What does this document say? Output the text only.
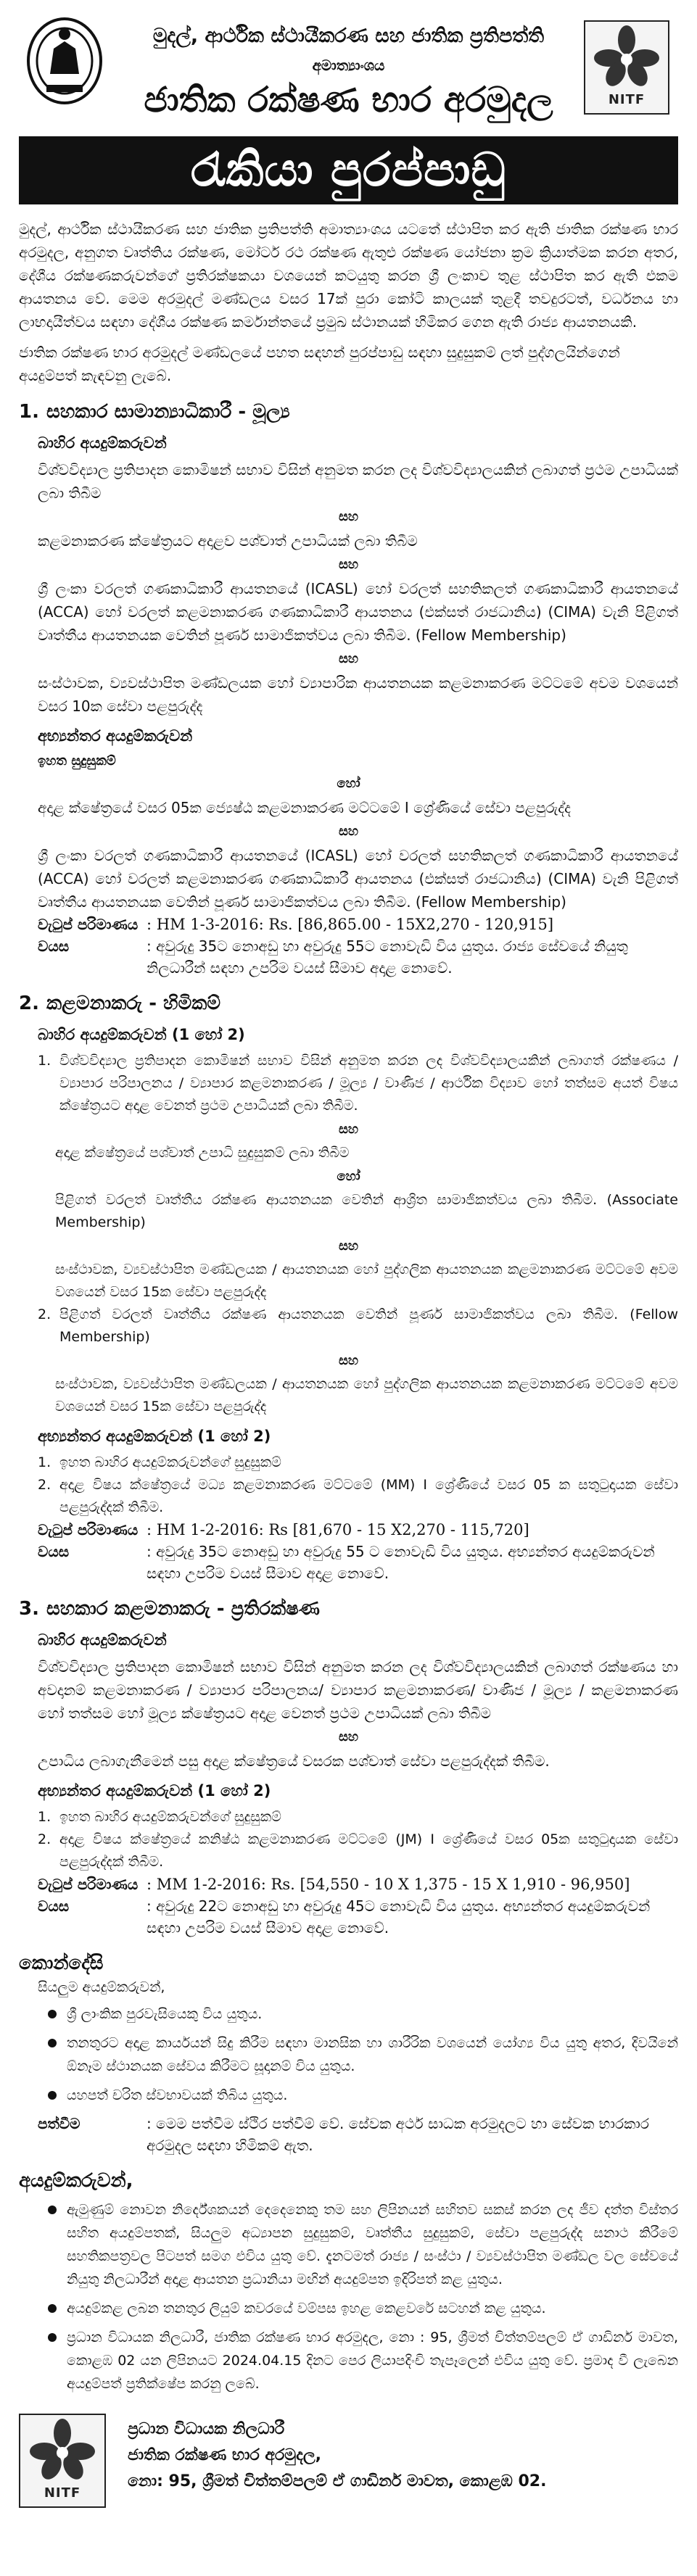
මුදල්, ආර්ථික ස්ථායීකරණ සහ ජාතික ප්‍රතිපත්ති
අමාත්‍යාංශය
ජාතික රක්ෂණ භාර අරමුදල	NITF
රැකියා පුරප්පාඩු
මුදල්, ආර්ථික ස්ථායීකරණ සහ ජාතික ප්‍රතිපත්ති අමාත්‍යාංශය යටතේ ස්ථාපිත කර ඇති ජාතික රක්ෂණ භාර අරමුදල, අනුගත වෘත්තිය රක්ෂණ, මෝටර් රථ රක්ෂණ ඇතුළු රක්ෂණ යෝජනා ක්‍රම ක්‍රියාත්මක කරන අතර, දේශීය රක්ෂණකරුවන්ගේ ප්‍රතිරක්ෂකයා වශයෙන් කටයුතු කරන ශ්‍රී ලංකාව තුළ ස්ථාපිත කර ඇති එකම ආයතනය වේ. මෙම අරමුදල් මණ්ඩලය වසර 17ක් පුරා කෝටි කාලයක් තුළදී තවදුරටත්, වර්ධනය හා ලාභදායීත්වය සඳහා දේශීය රක්ෂණ කර්මාන්තයේ ප්‍රමුඛ ස්ථානයක් හිමිකර ගෙන ඇති රාජ්‍ය ආයතනයකි.
ජාතික රක්ෂණ භාර අරමුදල් මණ්ඩලයේ පහත සඳහන් පුරප්පාඩු සඳහා සුදුසුකම් ලත් පුද්ගලයින්ගෙන් අයදුම්පත් කැඳවනු ලැබේ.
1. සහකාර සාමාන්‍යාධිකාරී - මූල්‍ය
බාහිර අයදුම්කරුවන්
විශ්වවිද්‍යාල ප්‍රතිපාදන කොමිෂන් සභාව විසින් අනුමත කරන ලද විශ්වවිද්‍යාලයකින් ලබාගත් ප්‍රථම උපාධියක් ලබා තිබීම
සහ
කළමනාකරණ ක්ෂේත්‍රයට අදාළව පශ්චාත් උපාධියක් ලබා තිබීම
සහ
ශ්‍රී ලංකා වරලත් ගණකාධිකාරී ආයතනයේ (ICASL) හෝ වරලත් සහතිකලත් ගණකාධිකාරී ආයතනයේ (ACCA) හෝ වරලත් කළමනාකරණ ගණකාධිකාරී ආයතනය (එක්සත් රාජධානිය) (CIMA) වැනි පිළිගත් වෘත්තීය ආයතනයක වෙතින් පූර්ණ සාමාජිකත්වය ලබා තිබීම. (Fellow Membership)
සහ
සංස්ථාවක, ව්‍යවස්ථාපිත මණ්ඩලයක හෝ ව්‍යාපාරික ආයතනයක කළමනාකරණ මට්ටමේ අවම වශයෙන් වසර 10ක සේවා පළපුරුද්ද
අභ්‍යන්තර අයදුම්කරුවන්
ඉහත සුදුසුකම්
හෝ
අදාළ ක්ෂේත්‍රයේ වසර 05ක ජ්‍යෙෂ්ඨ කළමනාකරණ මට්ටමේ I ශ්‍රේණියේ සේවා පළපුරුද්ද
සහ
ශ්‍රී ලංකා වරලත් ගණකාධිකාරී ආයතනයේ (ICASL) හෝ වරලත් සහතිකලත් ගණකාධිකාරී ආයතනයේ (ACCA) හෝ වරලත් කළමනාකරණ ගණකාධිකාරී ආයතනය (එක්සත් රාජධානිය) (CIMA) වැනි පිළිගත් වෘත්තීය ආයතනයක වෙතින් පූර්ණ සාමාජිකත්වය ලබා තිබීම. (Fellow Membership)
වැටුප් පරිමාණය : HM 1-3-2016: Rs. [86,865.00 - 15X2,270 - 120,915]
වයස	: අවුරුදු 35ට නොඅඩු හා අවුරුදු 55ට නොවැඩි විය යුතුය. රාජ්‍ය සේවයේ නියුතු නිලධාරීන් සඳහා උපරිම වයස් සීමාව අදාළ නොවේ.
2. කළමනාකරු - හිමිකම්
බාහිර අයදුම්කරුවන් (1 හෝ 2)
1. විශ්වවිද්‍යාල ප්‍රතිපාදන කොමිෂන් සභාව විසින් අනුමත කරන ලද විශ්වවිද්‍යාලයකින් ලබාගත් රක්ෂණය / ව්‍යාපාර පරිපාලනය / ව්‍යාපාර කළමනාකරණ / මූල්‍ය / වාණිජ / ආර්ථික විද්‍යාව හෝ තත්සම අයත් විෂය ක්ෂේත්‍රයට අදාළ වෙනත් ප්‍රථම උපාධියක් ලබා තිබීම.
සහ
අදාළ ක්ෂේත්‍රයේ පශ්චාත් උපාධි සුදුසුකම් ලබා තිබීම
හෝ
පිළිගත් වරලත් වෘත්තීය රක්ෂණ ආයතනයක වෙතින් ආශ්‍රිත සාමාජිකත්වය ලබා තිබීම. (Associate Membership)
සහ
සංස්ථාවක, ව්‍යවස්ථාපිත මණ්ඩලයක / ආයතනයක හෝ පුද්ගලික ආයතනයක කළමනාකරණ මට්ටමේ අවම වශයෙන් වසර 15ක සේවා පළපුරුද්ද
2. පිළිගත් වරලත් වෘත්තීය රක්ෂණ ආයතනයක වෙතින් පූර්ණ සාමාජිකත්වය ලබා තිබීම. (Fellow Membership)
සහ
සංස්ථාවක, ව්‍යවස්ථාපිත මණ්ඩලයක / ආයතනයක හෝ පුද්ගලික ආයතනයක කළමනාකරණ මට්ටමේ අවම වශයෙන් වසර 15ක සේවා පළපුරුද්ද
අභ්‍යන්තර අයදුම්කරුවන් (1 හෝ 2)
1. ඉහත බාහිර අයදුම්කරුවන්ගේ සුදුසුකම්
2. අදාළ විෂය ක්ෂේත්‍රයේ මධ්‍ය කළමනාකරණ මට්ටමේ (MM) I ශ්‍රේණියේ වසර 05 ක සතුටුදායක සේවා පළපුරුද්දක් තිබීම.
වැටුප් පරිමාණය : HM 1-2-2016: Rs [81,670 - 15 X2,270 - 115,720]
වයස	: අවුරුදු 35ට නොඅඩු හා අවුරුදු 55 ට නොවැඩි විය යුතුය. අභ්‍යන්තර අයදුම්කරුවන් සඳහා උපරිම වයස් සීමාව අදාළ නොවේ.
3. සහකාර කළමනාකරු - ප්‍රතිරක්ෂණ
බාහිර අයදුම්කරුවන්
විශ්වවිද්‍යාල ප්‍රතිපාදන කොමිෂන් සභාව විසින් අනුමත කරන ලද විශ්වවිද්‍යාලයකින් ලබාගත් රක්ෂණය හා අවදානම් කළමනාකරණ / ව්‍යාපාර පරිපාලනය/ ව්‍යාපාර කළමනාකරණ/ වාණිජ / මූල්‍ය / කළමනාකරණ හෝ තත්සම හෝ මූල්‍ය ක්ෂේත්‍රයට අදාළ වෙනත් ප්‍රථම උපාධියක් ලබා තිබීම
සහ
උපාධිය ලබාගැනීමෙන් පසු අදාළ ක්ෂේත්‍රයේ වසරක පශ්චාත් සේවා පළපුරුද්දක් තිබීම.
අභ්‍යන්තර අයදුම්කරුවන් (1 හෝ 2)
1. ඉහත බාහිර අයදුම්කරුවන්ගේ සුදුසුකම්
2. අදාළ විෂය ක්ෂේත්‍රයේ කනිෂ්ඨ කළමනාකරණ මට්ටමේ (JM) I ශ්‍රේණියේ වසර 05ක සතුටුදායක සේවා පළපුරුද්දක් තිබීම.
වැටුප් පරිමාණය : MM 1-2-2016: Rs. [54,550 - 10 X 1,375 - 15 X 1,910 - 96,950]
වයස	: අවුරුදු 22ට නොඅඩු හා අවුරුදු 45ට නොවැඩි විය යුතුය. අභ්‍යන්තර අයදුම්කරුවන් සඳහා උපරිම වයස් සීමාව අදාළ නොවේ.
කොන්දේසි
සියලුම අයදුම්කරුවන්,
ශ්‍රී ලාංකික පුරවැසියෙකු විය යුතුය.
තනතුරට අදාළ කාර්යයන් සිදු කිරීම සඳහා මානසික හා ශාරීරික වශයෙන් යෝග්‍ය විය යුතු අතර, දිවයිනේ ඕනෑම ස්ථානයක සේවය කිරීමට සූදානම් විය යුතුය.
යහපත් චරිත ස්වභාවයක් තිබිය යුතුය.
පත්වීම	: මෙම පත්වීම ස්ථිර පත්වීම් වේ. සේවක අර්ථ සාධක අරමුදලට හා සේවක භාරකාර අරමුදල සඳහා හිමිකම් ඇත.
අයදුම්කරුවන්,
ඇමුණුම් නොවන නිර්දේශකයන් දෙදෙනෙකු තම සහ ලිපිනයන් සහිතව සකස් කරන ලද ජීව දත්ත විස්තර සහිත අයදුම්පතක්, සියලුම අධ්‍යාපන සුදුසුකම්, වෘත්තීය සුදුසුකම්, සේවා පළපුරුද්ද සනාථ කිරීමේ සහතිකපත්‍රවල පිටපත් සමග එවිය යුතු වේ. දැනටමත් රාජ්‍ය / සංස්ථා / ව්‍යවස්ථාපිත මණ්ඩල වල සේවයේ නියුතු නිලධාරීන් අදාළ ආයතන ප්‍රධානියා මඟින් අයදුම්පත ඉදිරිපත් කළ යුතුය.
අයදුම්කළ ලබන තනතුර ලියුම් කවරයේ වම්පස ඉහළ කෙළවරේ සටහන් කළ යුතුය.
ප්‍රධාන විධායක නිලධාරී, ජාතික රක්ෂණ භාර අරමුදල, නො : 95, ශ්‍රීමත් චිත්තම්පලම් ඒ ගාඩිනර් මාවත, කොළඹ 02 යන ලිපිනයට 2024.04.15 දිනට පෙර ලියාපදිංචි තැපෑලෙන් එවිය යුතු වේ. ප්‍රමාද වී ලැබෙන අයදුම්පත් ප්‍රතික්ෂේප කරනු ලබේ.
NITF
ප්‍රධාන විධායක නිලධාරී
ජාතික රක්ෂණ භාර අරමුදල,
නො: 95, ශ්‍රීමත් චිත්තම්පලම් ඒ ගාඩිනර් මාවත, කොළඹ 02.
